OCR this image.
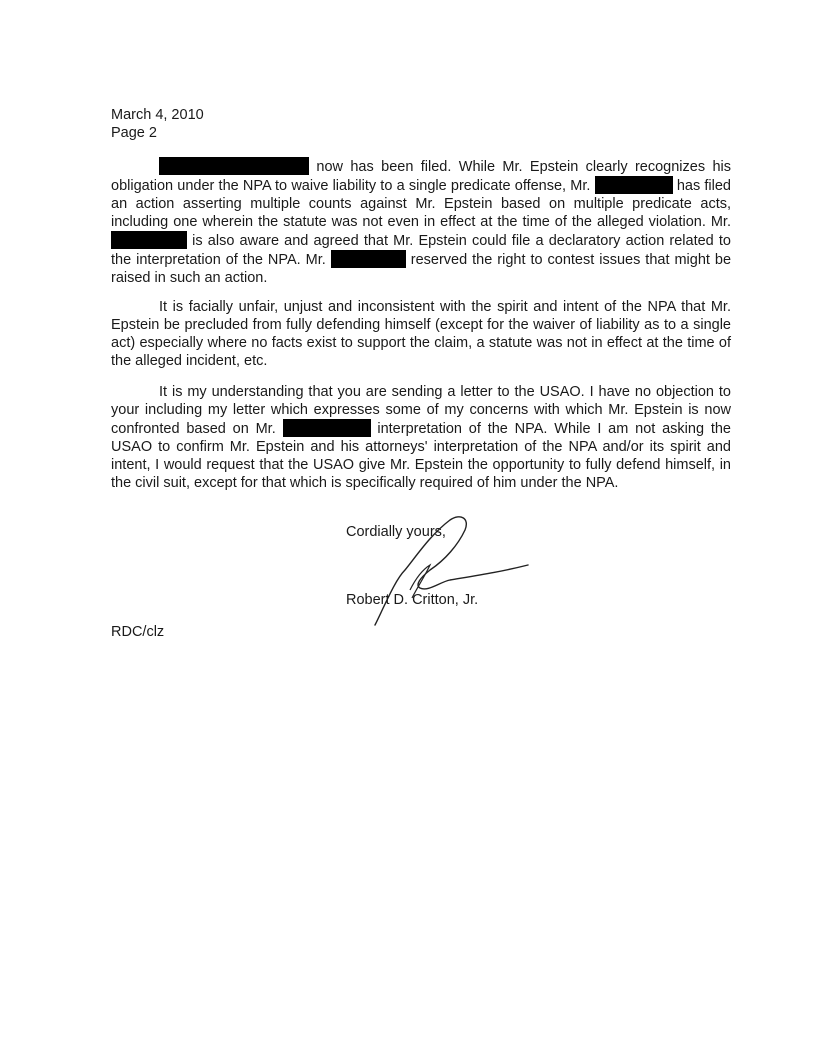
March 4, 2010
Page 2
now has been filed. While Mr. Epstein clearly recognizes his obligation under the NPA to waive liability to a single predicate offense, Mr.	has filed an action asserting multiple counts against Mr. Epstein based on multiple predicate acts, including one wherein the statute was not even in effect at the time of the alleged violation. Mr.  is also aware and agreed that Mr. Epstein could file a declaratory action related to the interpretation of the NPA. Mr.	reserved the right to contest issues that might be raised in such an action.
It is facially unfair, unjust and inconsistent with the spirit and intent of the NPA that Mr. Epstein be precluded from fully defending himself (except for the waiver of liability as to a single act) especially where no facts exist to support the claim, a statute was not in effect at the time of the alleged incident, etc.
It is my understanding that you are sending a letter to the USAO. I have no objection to your including my letter which expresses some of my concerns with which Mr. Epstein is now confronted based on Mr.	interpretation of the NPA. While I am not asking the USAO to confirm Mr. Epstein and his attorneys' interpretation of the NPA and/or its spirit and intent, I would request that the USAO give Mr. Epstein the opportunity to fully defend himself, in the civil suit, except for that which is specifically required of him under the NPA.
Cordially yours,
Robert D. Critton, Jr.
RDC/clz
